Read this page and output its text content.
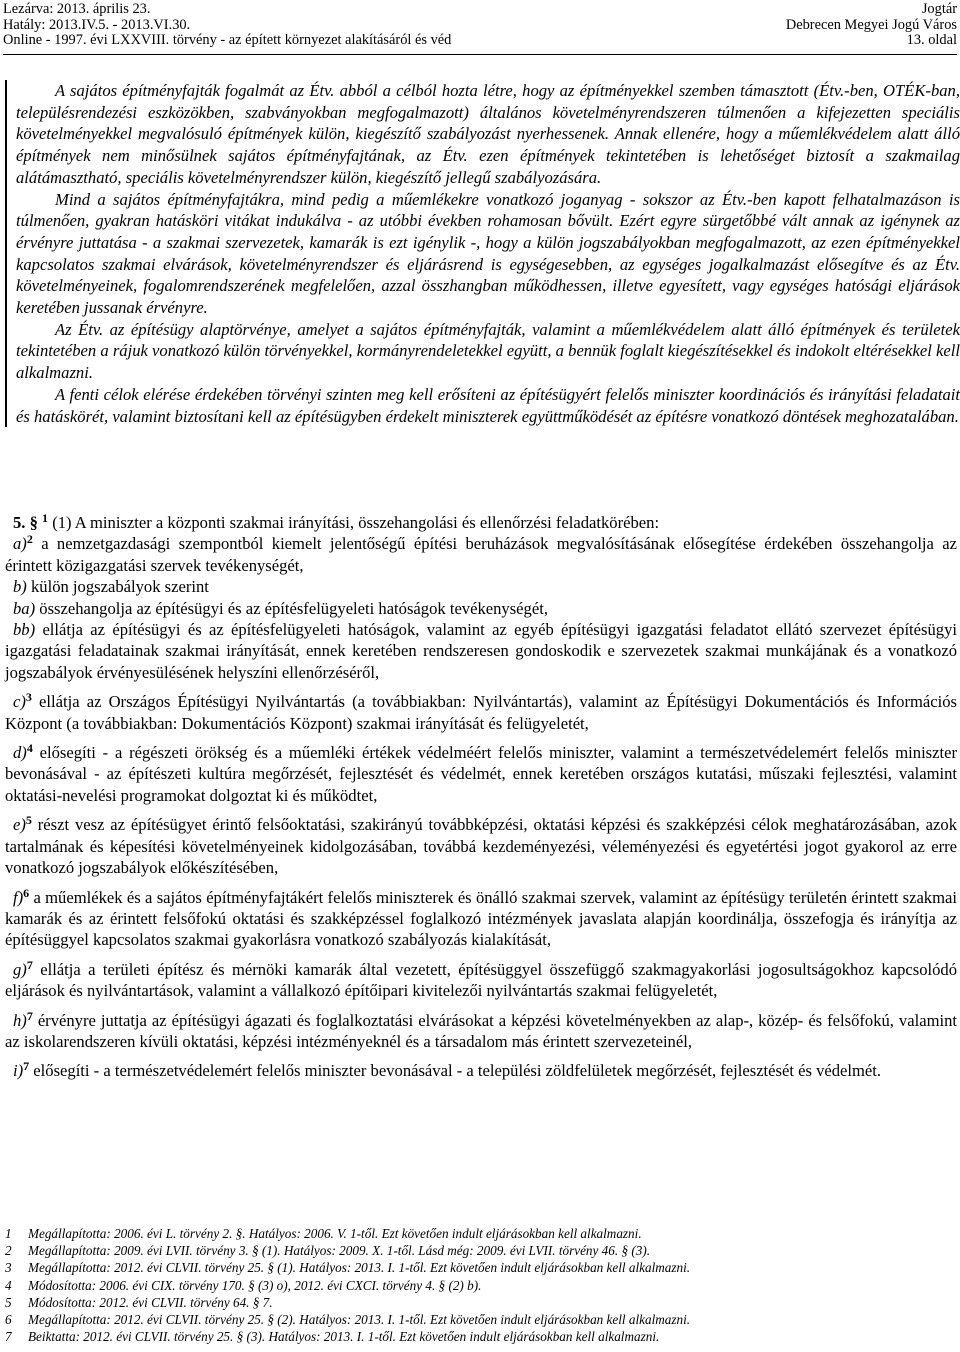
Lezárva: 2013. április 23.
Hatály: 2013.IV.5. - 2013.VI.30.
Online - 1997. évi LXXVIII. törvény - az épített környezet alakításáról és véd
Jogtár
Debrecen Megyei Jogú Város
13. oldal

A sajátos építményfajták fogalmát az Étv. abból a célból hozta létre, hogy az építményekkel szemben támasztott (Étv.-ben, OTÉK-ban, településrendezési eszközökben, szabványokban megfogalmazott) általános követelményrendszeren túlmenően a kifejezetten speciális követelményekkel megvalósuló építmények külön, kiegészítő szabályozást nyerhessenek. Annak ellenére, hogy a műemlékvédelem alatt álló építmények nem minősülnek sajátos építményfajtának, az Étv. ezen építmények tekintetében is lehetőséget biztosít a szakmailag alátámasztható, speciális követelményrendszer külön, kiegészítő jellegű szabályozására.

Mind a sajátos építményfajtákra, mind pedig a műemlékekre vonatkozó joganyag - sokszor az Étv.-ben kapott felhatalmazáson is túlmenően, gyakran hatásköri vitákat indukálva - az utóbbi években rohamosan bővült. Ezért egyre sürgetőbbé vált annak az igénynek az érvényre juttatása - a szakmai szervezetek, kamarák is ezt igénylik -, hogy a külön jogszabályokban megfogalmazott, az ezen építményekkel kapcsolatos szakmai elvárások, követelményrendszer és eljárásrend is egységesebben, az egységes jogalkalmazást elősegítve és az Étv. követelményeinek, fogalomrendszerének megfelelően, azzal összhangban működhessen, illetve egyesített, vagy egységes hatósági eljárások keretében jussanak érvényre.

Az Étv. az építésügy alaptörvénye, amelyet a sajátos építményfajták, valamint a műemlékvédelem alatt álló építmények és területek tekintetében a rájuk vonatkozó külön törvényekkel, kormányrendeletekkel együtt, a bennük foglalt kiegészítésekkel és indokolt eltérésekkel kell alkalmazni.

A fenti célok elérése érdekében törvényi szinten meg kell erősíteni az építésügyért felelős miniszter koordinációs és irányítási feladatait és hatáskörét, valamint biztosítani kell az építésügyben érdekelt miniszterek együttműködését az építésre vonatkozó döntések meghozatalában.

5. § $^1$ (1) A miniszter a központi szakmai irányítási, összehangolási és ellenőrzési feladatkörében:

a)$^2$ a nemzetgazdasági szempontból kiemelt jelentőségű építési beruházások megvalósításának elősegítése érdekében összehangolja az érintett közigazgatási szervek tevékenységét,

b) külön jogszabályok szerint

ba) összehangolja az építésügyi és az építésfelügyeleti hatóságok tevékenységét,

bb) ellátja az építésügyi és az építésfelügyeleti hatóságok, valamint az egyéb építésügyi igazgatási feladatot ellátó szervezet építésügyi igazgatási feladatainak szakmai irányítását, ennek keretében rendszeresen gondoskodik e szervezetek szakmai munkájának és a vonatkozó jogszabályok érvényesülésének helyszíni ellenőrzéséről,

c)$^3$ ellátja az Országos Építésügyi Nyilvántartás (a továbbiakban: Nyilvántartás), valamint az Építésügyi Dokumentációs és Információs Központ (a továbbiakban: Dokumentációs Központ) szakmai irányítását és felügyeletét,

d)$^4$ elősegíti - a régészeti örökség és a műemléki értékek védelméért felelős miniszter, valamint a természetvédelemért felelős miniszter bevonásával - az építészeti kultúra megőrzését, fejlesztését és védelmét, ennek keretében országos kutatási, műszaki fejlesztési, valamint oktatási-nevelési programokat dolgoztat ki és működtet,

e)$^5$ részt vesz az építésügyet érintő felsőoktatási, szakirányú továbbképzési, oktatási képzési és szakképzési célok meghatározásában, azok tartalmának és képesítési követelményeinek kidolgozásában, továbbá kezdeményezési, véleményezési és egyetértési jogot gyakorol az erre vonatkozó jogszabályok előkészítésében,

f)$^6$ a műemlékek és a sajátos építményfajtákért felelős miniszterek és önálló szakmai szervek, valamint az építésügy területén érintett szakmai kamarák és az érintett felsőfokú oktatási és szakképzéssel foglalkozó intézmények javaslata alapján koordinálja, összefogja és irányítja az építésüggyel kapcsolatos szakmai gyakorlásra vonatkozó szabályozás kialakítását,

g)$^7$ ellátja a területi építész és mérnöki kamarák által vezetett, építésüggyel összefüggő szakmagyakorlási jogosultságokhoz kapcsolódó eljárások és nyilvántartások, valamint a vállalkozó építőipari kivitelezői nyilvántartás szakmai felügyeletét,

h)$^7$ érvényre juttatja az építésügyi ágazati és foglalkoztatási elvárásokat a képzési követelményekben az alap-, közép- és felsőfokú, valamint az iskolarendszeren kívüli oktatási, képzési intézményeknél és a társadalom más érintett szervezeteinél,

i)$^7$ elősegíti - a természetvédelemért felelős miniszter bevonásával - a települési zöldfelületek megőrzését, fejlesztését és védelmét.

1	Megállapította: 2006. évi L. törvény 2. §. Hatályos: 2006. V. 1-től. Ezt követően indult eljárásokban kell alkalmazni.
2	Megállapította: 2009. évi LVII. törvény 3. § (1). Hatályos: 2009. X. 1-től. Lásd még: 2009. évi LVII. törvény 46. § (3).
3	Megállapította: 2012. évi CLVII. törvény 25. § (1). Hatályos: 2013. I. 1-től. Ezt követően indult eljárásokban kell alkalmazni.
4	Módosította: 2006. évi CIX. törvény 170. § (3) o), 2012. évi CXCI. törvény 4. § (2) b).
5	Módosította: 2012. évi CLVII. törvény 64. § 7.
6	Megállapította: 2012. évi CLVII. törvény 25. § (2). Hatályos: 2013. I. 1-től. Ezt követően indult eljárásokban kell alkalmazni.
7	Beiktatta: 2012. évi CLVII. törvény 25. § (3). Hatályos: 2013. I. 1-től. Ezt követően indult eljárásokban kell alkalmazni.
